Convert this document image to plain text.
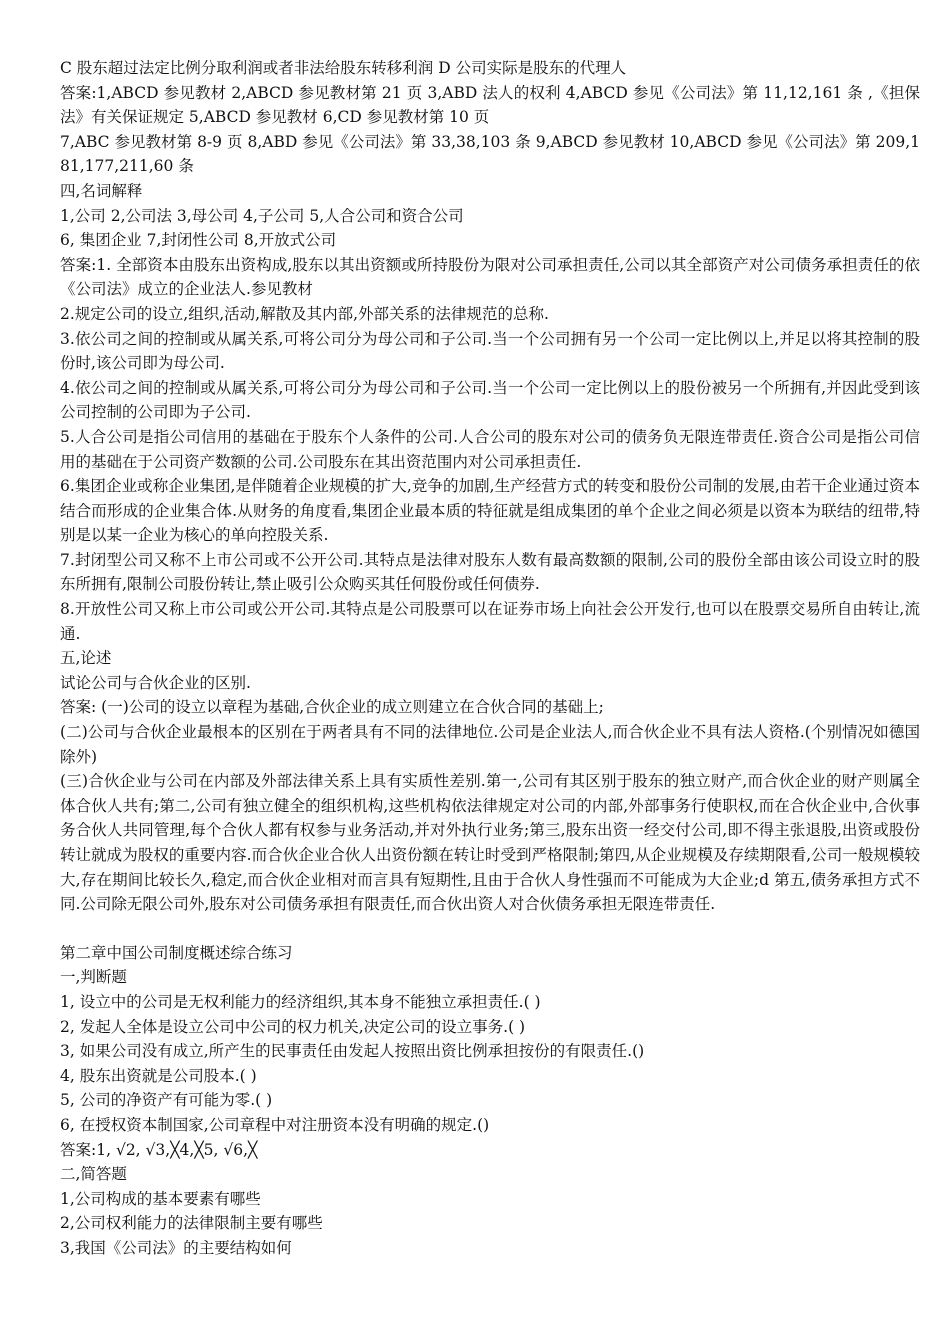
C 股东超过法定比例分取利润或者非法给股东转移利润 D 公司实际是股东的代理人
答案:1,ABCD 参见教材 2,ABCD 参见教材第 21 页 3,ABD 法人的权利 4,ABCD 参见《公司法》第 11,12,161 条 ,《担保法》有关保证规定 5,ABCD 参见教材 6,CD 参见教材第 10 页
7,ABC 参见教材第 8-9 页 8,ABD 参见《公司法》第 33,38,103 条 9,ABCD 参见教材 10,ABCD 参见《公司法》第 209,181,177,211,60 条
四,名词解释
1,公司 2,公司法 3,母公司 4,子公司 5,人合公司和资合公司
6, 集团企业 7,封闭性公司 8,开放式公司
答案:1. 全部资本由股东出资构成,股东以其出资额或所持股份为限对公司承担责任,公司以其全部资产对公司债务承担责任的依《公司法》成立的企业法人.参见教材
2.规定公司的设立,组织,活动,解散及其内部,外部关系的法律规范的总称.
3.依公司之间的控制或从属关系,可将公司分为母公司和子公司.当一个公司拥有另一个公司一定比例以上,并足以将其控制的股份时,该公司即为母公司.
4.依公司之间的控制或从属关系,可将公司分为母公司和子公司.当一个公司一定比例以上的股份被另一个所拥有,并因此受到该公司控制的公司即为子公司.
5.人合公司是指公司信用的基础在于股东个人条件的公司.人合公司的股东对公司的债务负无限连带责任.资合公司是指公司信用的基础在于公司资产数额的公司.公司股东在其出资范围内对公司承担责任.
6.集团企业或称企业集团,是伴随着企业规模的扩大,竞争的加剧,生产经营方式的转变和股份公司制的发展,由若干企业通过资本结合而形成的企业集合体.从财务的角度看,集团企业最本质的特征就是组成集团的单个企业之间必须是以资本为联结的纽带,特别是以某一企业为核心的单向控股关系.
7.封闭型公司又称不上市公司或不公开公司.其特点是法律对股东人数有最高数额的限制,公司的股份全部由该公司设立时的股东所拥有,限制公司股份转让,禁止吸引公众购买其任何股份或任何债券.
8.开放性公司又称上市公司或公开公司.其特点是公司股票可以在证券市场上向社会公开发行,也可以在股票交易所自由转让,流通.
五,论述
试论公司与合伙企业的区别.
答案: (一)公司的设立以章程为基础,合伙企业的成立则建立在合伙合同的基础上;
(二)公司与合伙企业最根本的区别在于两者具有不同的法律地位.公司是企业法人,而合伙企业不具有法人资格.(个别情况如德国除外)
(三)合伙企业与公司在内部及外部法律关系上具有实质性差别.第一,公司有其区别于股东的独立财产,而合伙企业的财产则属全体合伙人共有;第二,公司有独立健全的组织机构,这些机构依法律规定对公司的内部,外部事务行使职权,而在合伙企业中,合伙事务合伙人共同管理,每个合伙人都有权参与业务活动,并对外执行业务;第三,股东出资一经交付公司,即不得主张退股,出资或股份转让就成为股权的重要内容.而合伙企业合伙人出资份额在转让时受到严格限制;第四,从企业规模及存续期限看,公司一般规模较大,存在期间比较长久,稳定,而合伙企业相对而言具有短期性,且由于合伙人身性强而不可能成为大企业;d 第五,债务承担方式不同.公司除无限公司外,股东对公司债务承担有限责任,而合伙出资人对合伙债务承担无限连带责任.
第二章中国公司制度概述综合练习
一,判断题
1, 设立中的公司是无权利能力的经济组织,其本身不能独立承担责任.( )
2, 发起人全体是设立公司中公司的权力机关,决定公司的设立事务.( )
3, 如果公司没有成立,所产生的民事责任由发起人按照出资比例承担按份的有限责任.()
4, 股东出资就是公司股本.( )
5, 公司的净资产有可能为零.( )
6, 在授权资本制国家,公司章程中对注册资本没有明确的规定.()
答案:1, √2, √3,╳4,╳5, √6,╳
二,简答题
1,公司构成的基本要素有哪些
2,公司权利能力的法律限制主要有哪些
3,我国《公司法》的主要结构如何
